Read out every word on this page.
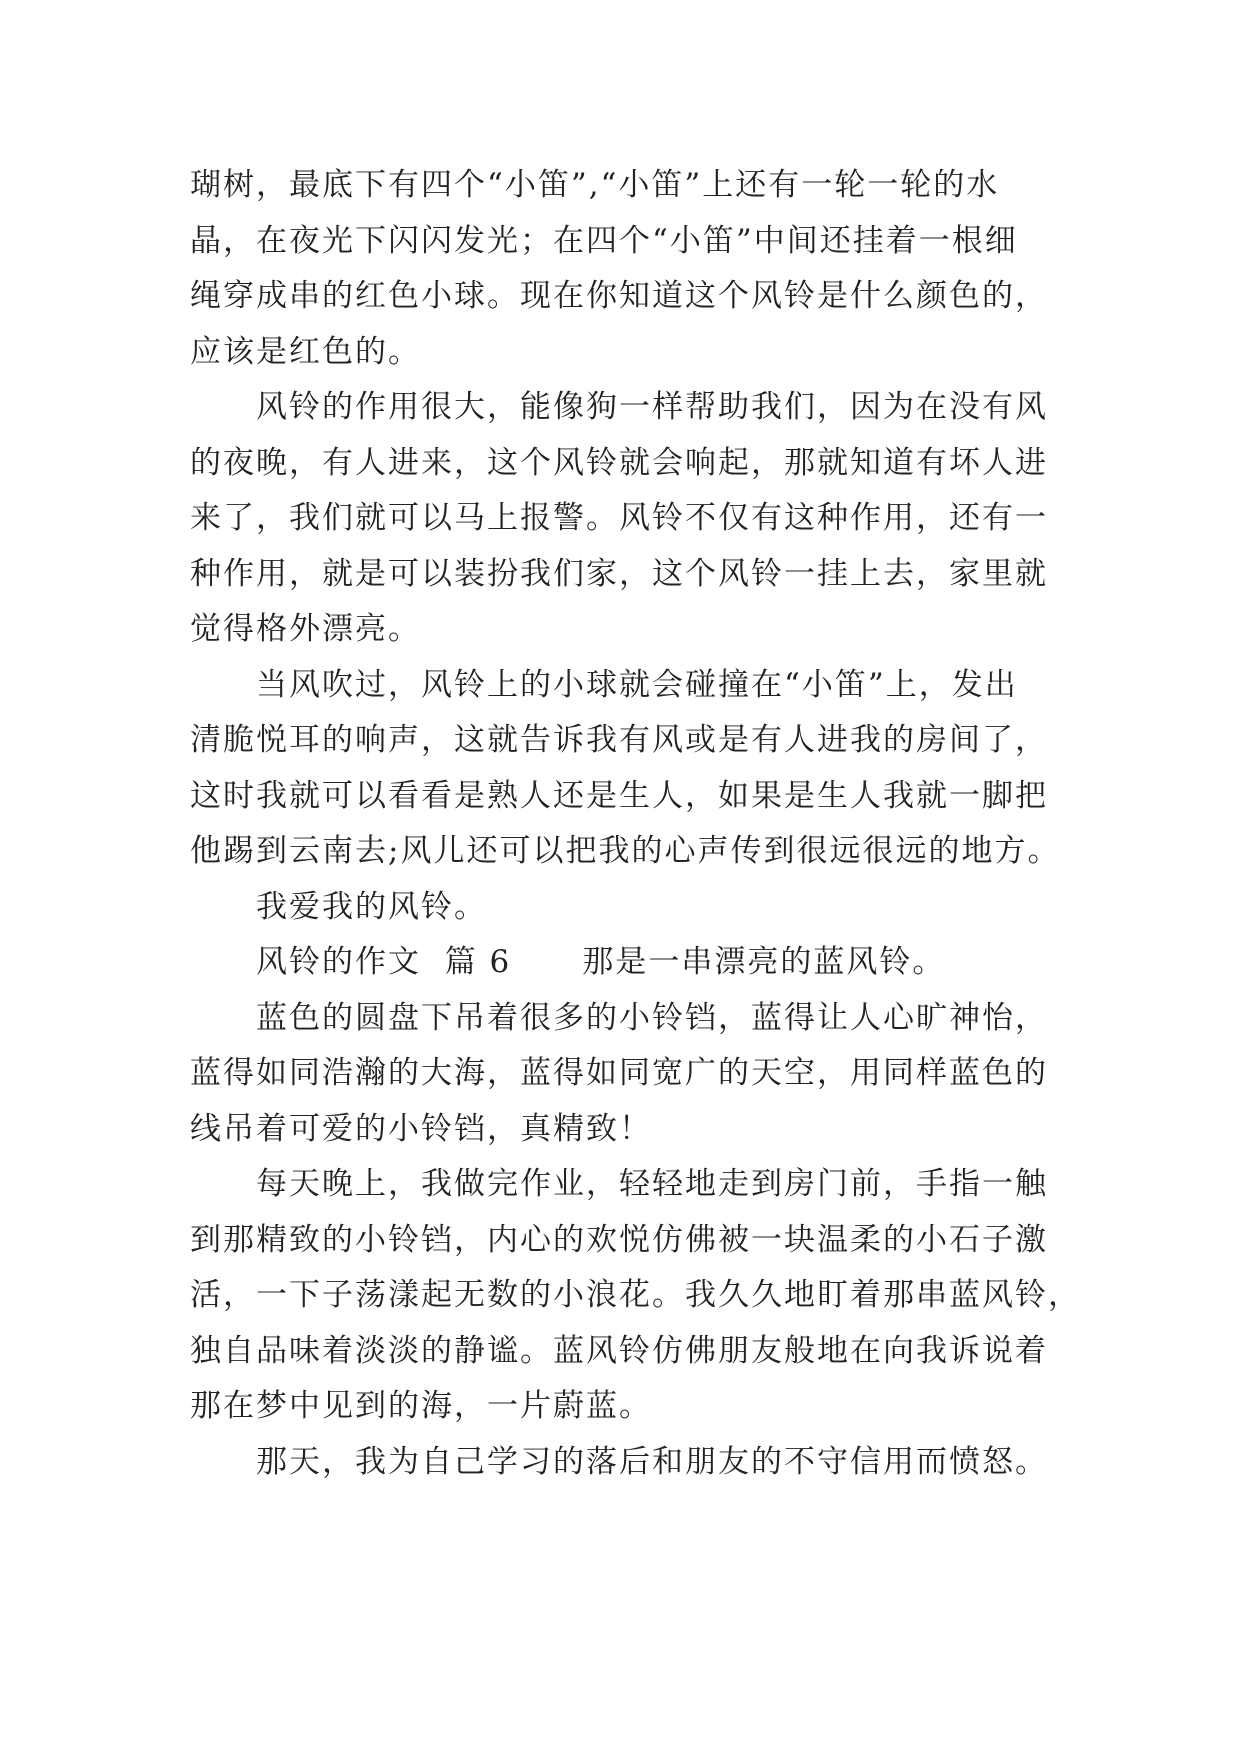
瑚树，最底下有四个“小笛”,“小笛”上还有一轮一轮的水

晶，在夜光下闪闪发光；在四个“小笛”中间还挂着一根细

绳穿成串的红色小球。现在你知道这个风铃是什么颜色的，

应该是红色的。

风铃的作用很大，能像狗一样帮助我们，因为在没有风

的夜晚，有人进来，这个风铃就会响起，那就知道有坏人进

来了，我们就可以马上报警。风铃不仅有这种作用，还有一

种作用，就是可以装扮我们家，这个风铃一挂上去，家里就

觉得格外漂亮。

当风吹过，风铃上的小球就会碰撞在“小笛”上，发出

清脆悦耳的响声，这就告诉我有风或是有人进我的房间了，

这时我就可以看看是熟人还是生人，如果是生人我就一脚把

他踢到云南去;风儿还可以把我的心声传到很远很远的地方。

我爱我的风铃。

风铃的作文  篇 6      那是一串漂亮的蓝风铃。

蓝色的圆盘下吊着很多的小铃铛，蓝得让人心旷神怡，

蓝得如同浩瀚的大海，蓝得如同宽广的天空，用同样蓝色的

线吊着可爱的小铃铛，真精致！

每天晚上，我做完作业，轻轻地走到房门前，手指一触

到那精致的小铃铛，内心的欢悦仿佛被一块温柔的小石子激

活，一下子荡漾起无数的小浪花。我久久地盯着那串蓝风铃，

独自品味着淡淡的静谧。蓝风铃仿佛朋友般地在向我诉说着

那在梦中见到的海，一片蔚蓝。

那天，我为自己学习的落后和朋友的不守信用而愤怒。
